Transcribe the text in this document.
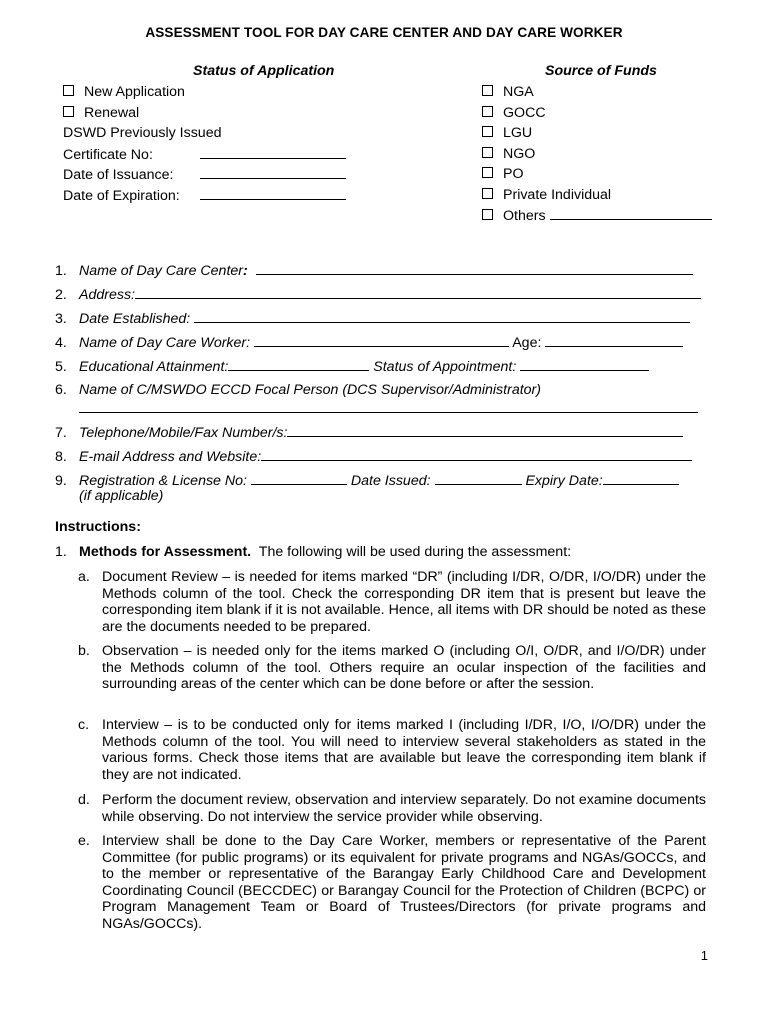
ASSESSMENT TOOL FOR DAY CARE CENTER AND DAY CARE WORKER
Status of Application
New Application
Renewal
DSWD Previously Issued
Certificate No:
Date of Issuance:
Date of Expiration:
Source of Funds
NGA
GOCC
LGU
NGO
PO
Private Individual
Others
1. Name of Day Care Center:
2. Address:
3. Date Established:
4. Name of Day Care Worker:	Age:
5. Educational Attainment:	Status of Appointment:
6. Name of C/MSWDO ECCD Focal Person (DCS Supervisor/Administrator)
7. Telephone/Mobile/Fax Number/s:
8. E-mail Address and Website:
9. Registration & License No:	Date Issued:	Expiry Date:
(if applicable)
Instructions:
1. Methods for Assessment. The following will be used during the assessment:
a. Document Review – is needed for items marked “DR” (including I/DR, O/DR, I/O/DR) under the Methods column of the tool. Check the corresponding DR item that is present but leave the corresponding item blank if it is not available. Hence, all items with DR should be noted as these are the documents needed to be prepared.
b. Observation – is needed only for the items marked O (including O/I, O/DR, and I/O/DR) under the Methods column of the tool. Others require an ocular inspection of the facilities and surrounding areas of the center which can be done before or after the session.
c. Interview – is to be conducted only for items marked I (including I/DR, I/O, I/O/DR) under the Methods column of the tool. You will need to interview several stakeholders as stated in the various forms. Check those items that are available but leave the corresponding item blank if they are not indicated.
d. Perform the document review, observation and interview separately. Do not examine documents while observing. Do not interview the service provider while observing.
e. Interview shall be done to the Day Care Worker, members or representative of the Parent Committee (for public programs) or its equivalent for private programs and NGAs/GOCCs, and to the member or representative of the Barangay Early Childhood Care and Development Coordinating Council (BECCDEC) or Barangay Council for the Protection of Children (BCPC) or Program Management Team or Board of Trustees/Directors (for private programs and NGAs/GOCCs).
1
